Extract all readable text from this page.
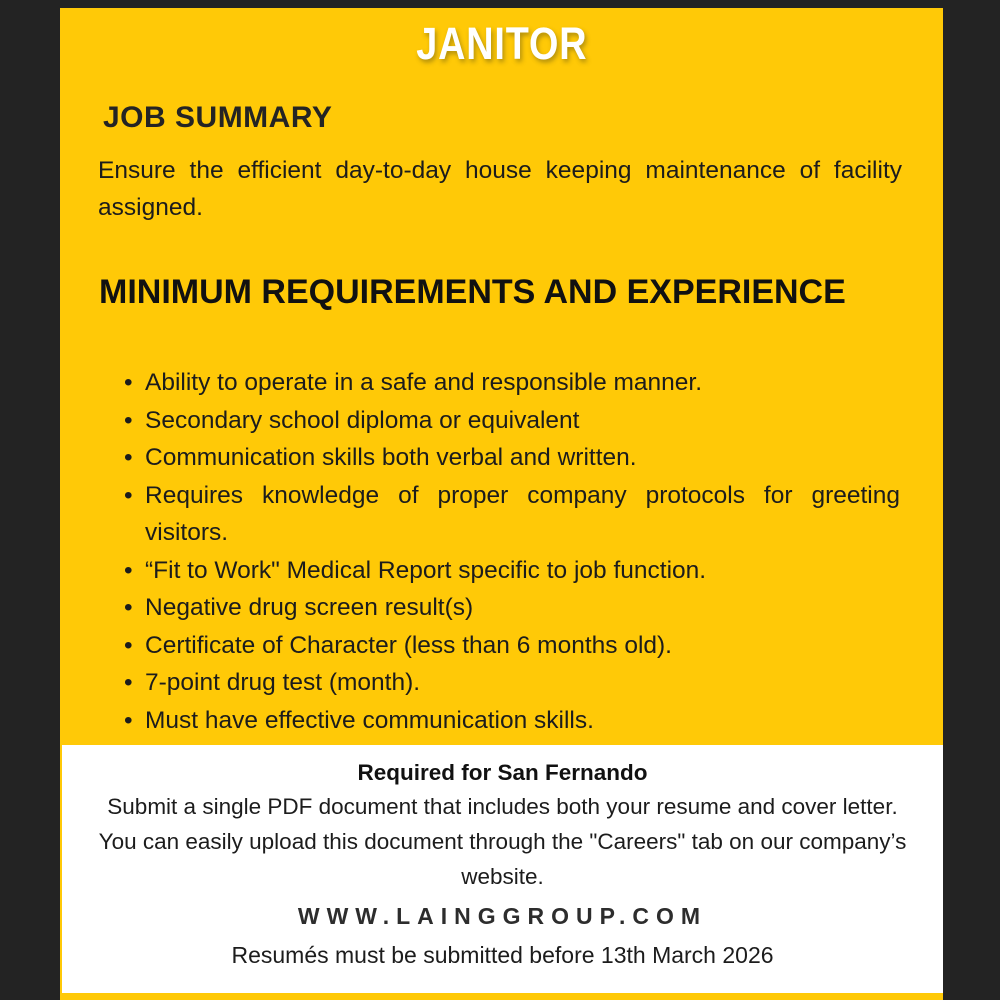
JANITOR
JOB SUMMARY
Ensure the efficient day-to-day house keeping maintenance of facility assigned.
MINIMUM REQUIREMENTS AND EXPERIENCE
• Ability to operate in a safe and responsible manner.
• Secondary school diploma or equivalent
• Communication skills both verbal and written.
• Requires knowledge of proper company protocols for greeting visitors.
• “Fit to Work" Medical Report specific to job function.
• Negative drug screen result(s)
• Certificate of Character (less than 6 months old).
• 7-point drug test (month).
• Must have effective communication skills.
Required for San Fernando
Submit a single PDF document that includes both your resume and cover letter. You can easily upload this document through the "Careers" tab on our company’s website.
WWW.LAINGGROUP.COM
Resumés must be submitted before 13th March 2026
